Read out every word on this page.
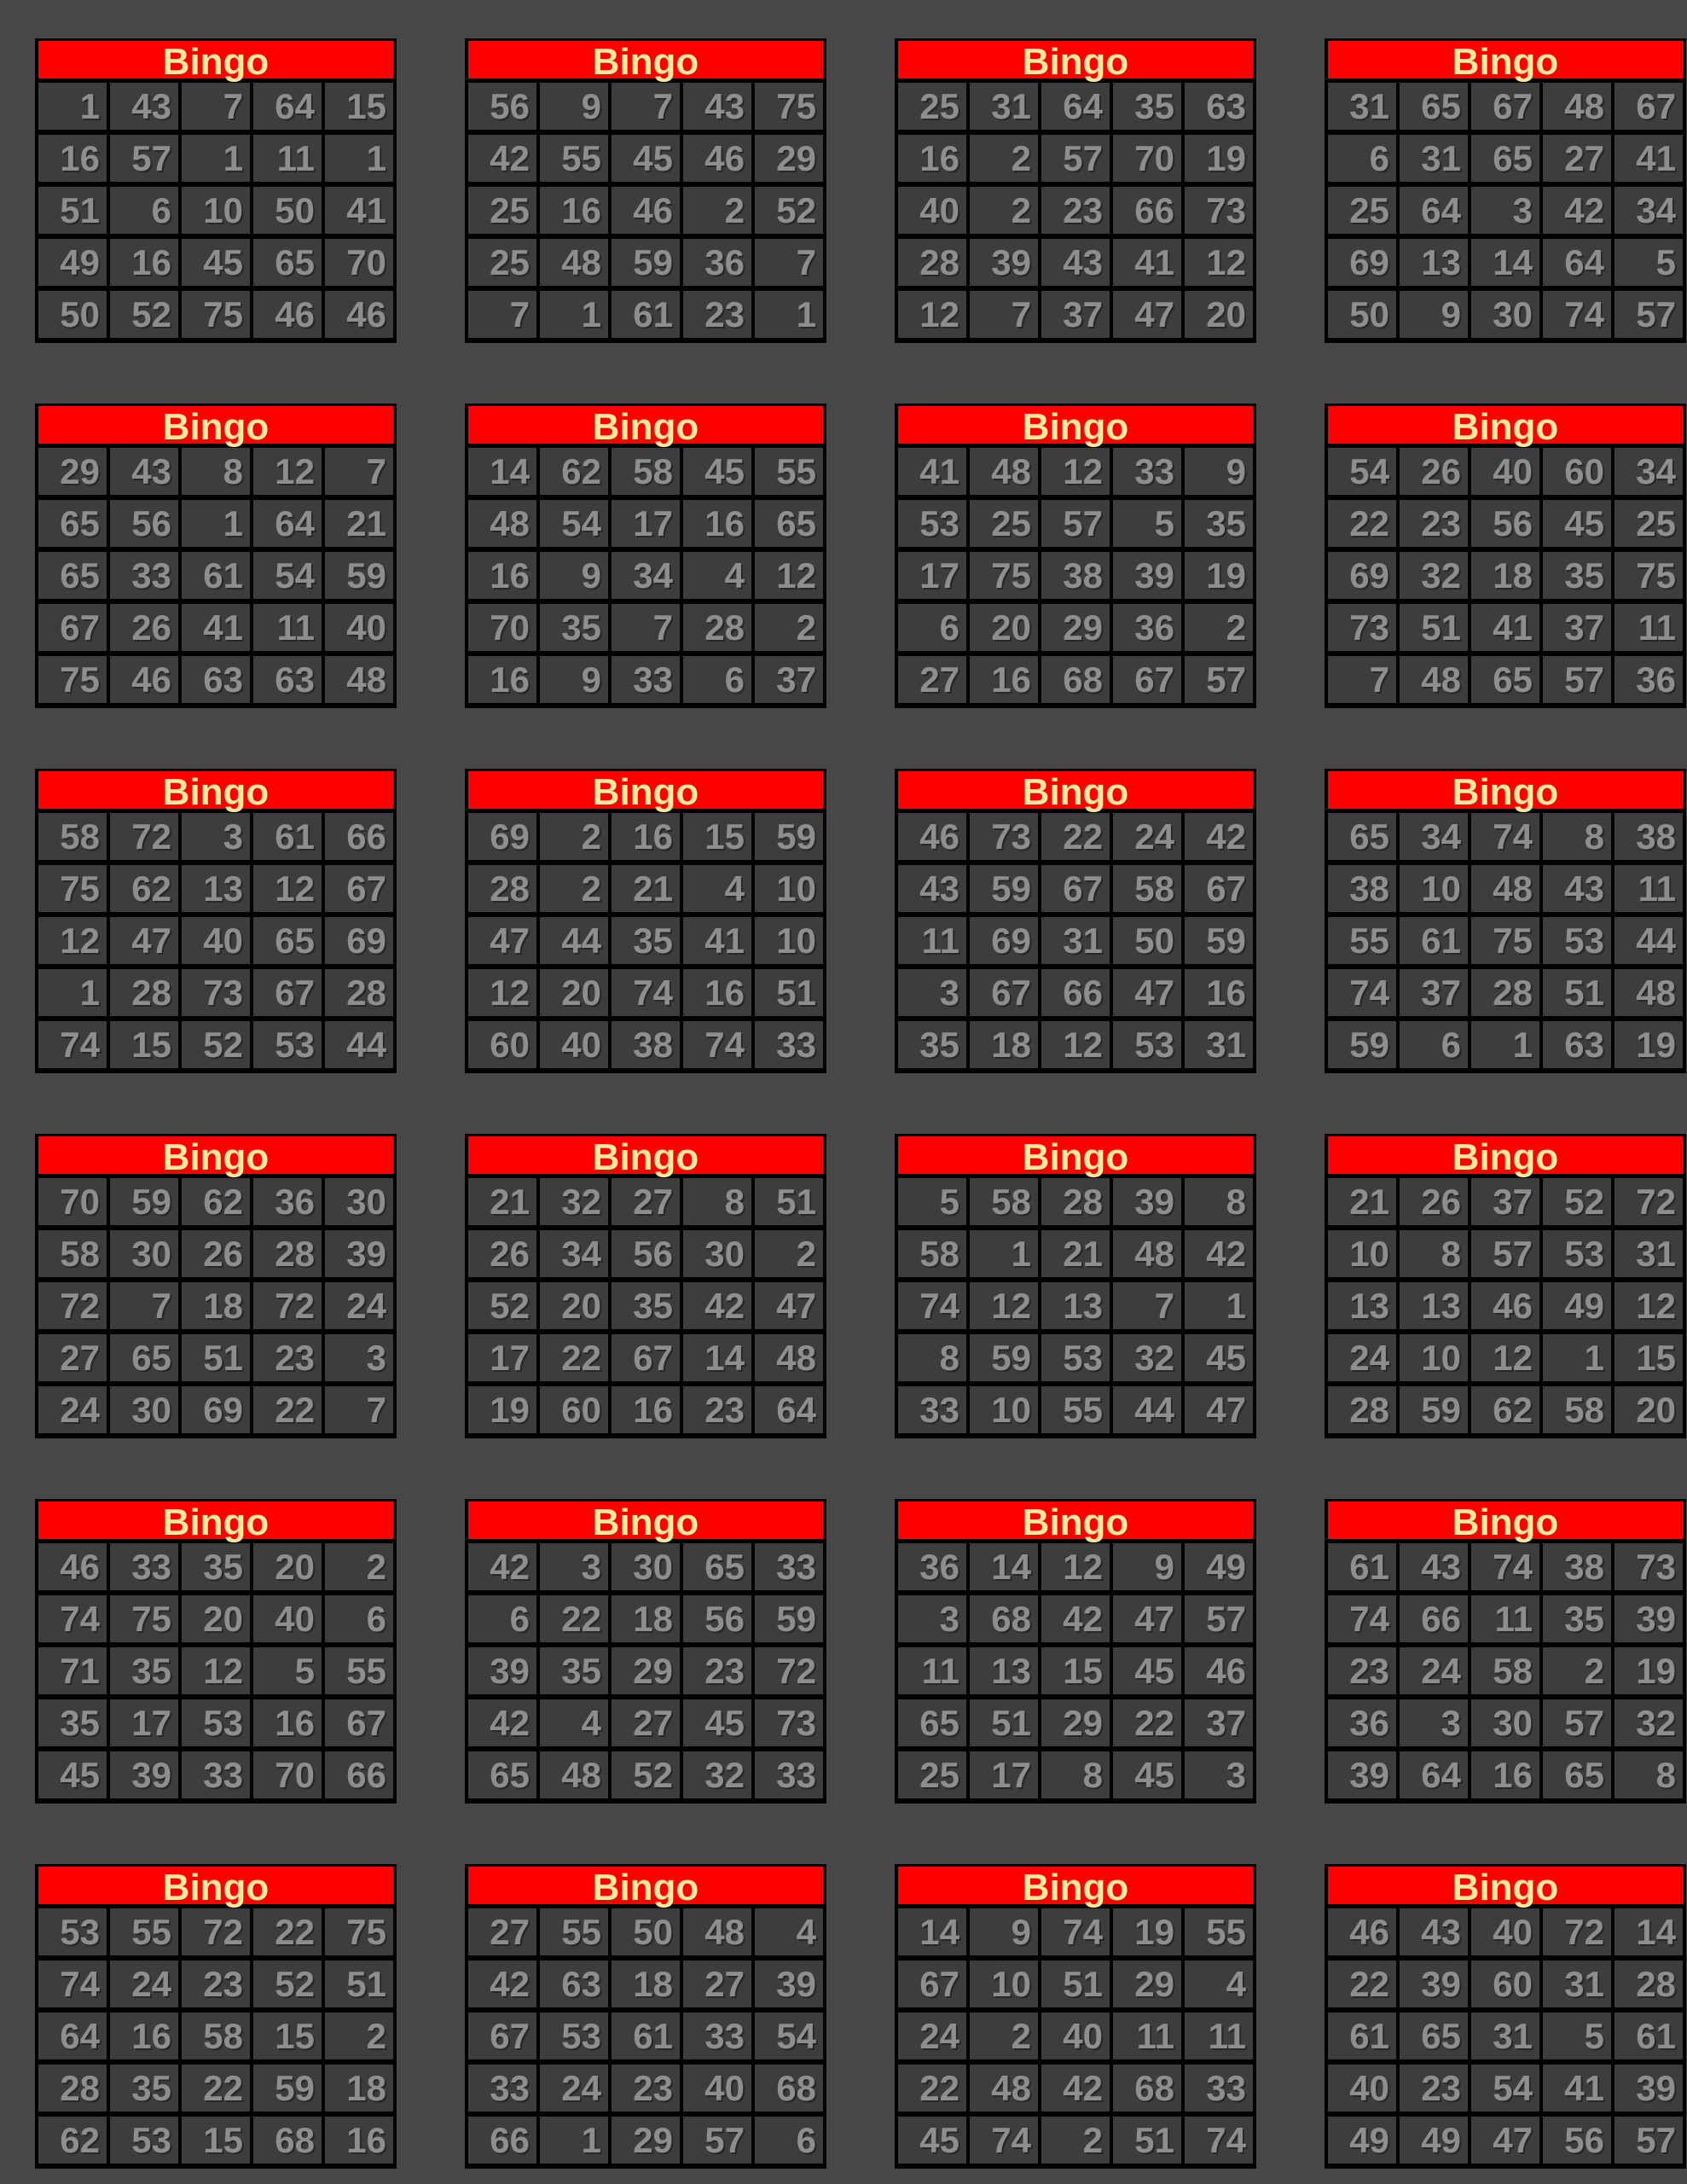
Bingo
1 43	7 64 15
16 57	1 11	1
51	6 10 50 41
49 16 45 65 70
50 52 75 46 46
Bingo
56	9	7 43 75
42 55 45 46 29
25 16 46	2 52
25 48 59 36	7
7	1 61 23	1
Bingo
25 31 64 35 63
16	2 57 70 19
40	2 23 66 73
28 39 43 41 12
12	7 37 47 20
Bingo
31 65 67 48 67
6 31 65 27 41
25 64	3 42 34
69 13 14 64	5
50	9 30 74 57
Bingo
29 43	8 12	7
65 56	1 64 21
65 33 61 54 59
67 26 41 11 40
75 46 63 63 48
Bingo
14 62 58 45 55
48 54 17 16 65
16	9 34	4 12
70 35	7 28	2
16	9 33	6 37
Bingo
41 48 12 33	9
53 25 57	5 35
17 75 38 39 19
6 20 29 36	2
27 16 68 67 57
Bingo
54 26 40 60 34
22 23 56 45 25
69 32 18 35 75
73 51 41 37 11
7 48 65 57 36
Bingo
58 72	3 61 66
75 62 13 12 67
12 47 40 65 69
1 28 73 67 28
74 15 52 53 44
Bingo
69	2 16 15 59
28	2 21	4 10
47 44 35 41 10
12 20 74 16 51
60 40 38 74 33
Bingo
46 73 22 24 42
43 59 67 58 67
11 69 31 50 59
3 67 66 47 16
35 18 12 53 31
Bingo
65 34 74	8 38
38 10 48 43 11
55 61 75 53 44
74 37 28 51 48
59	6	1 63 19
Bingo
70 59 62 36 30
58 30 26 28 39
72	7 18 72 24
27 65 51 23	3
24 30 69 22	7
Bingo
21 32 27	8 51
26 34 56 30	2
52 20 35 42 47
17 22 67 14 48
19 60 16 23 64
Bingo
5 58 28 39	8
58	1 21 48 42
74 12 13	7	1
8 59 53 32 45
33 10 55 44 47
Bingo
21 26 37 52 72
10	8 57 53 31
13 13 46 49 12
24 10 12	1 15
28 59 62 58 20
Bingo
46 33 35 20	2
74 75 20 40	6
71 35 12	5 55
35 17 53 16 67
45 39 33 70 66
Bingo
42	3 30 65 33
6 22 18 56 59
39 35 29 23 72
42	4 27 45 73
65 48 52 32 33
Bingo
36 14 12	9 49
3 68 42 47 57
11 13 15 45 46
65 51 29 22 37
25 17	8 45	3
Bingo
61 43 74 38 73
74 66 11 35 39
23 24 58	2 19
36	3 30 57 32
39 64 16 65	8
Bingo
53 55 72 22 75
74 24 23 52 51
64 16 58 15	2
28 35 22 59 18
62 53 15 68 16
Bingo
27 55 50 48	4
42 63 18 27 39
67 53 61 33 54
33 24 23 40 68
66	1 29 57	6
Bingo
14	9 74 19 55
67 10 51 29	4
24	2 40 11 11
22 48 42 68 33
45 74	2 51 74
Bingo
46 43 40 72 14
22 39 60 31 28
61 65 31	5 61
40 23 54 41 39
49 49 47 56 57
